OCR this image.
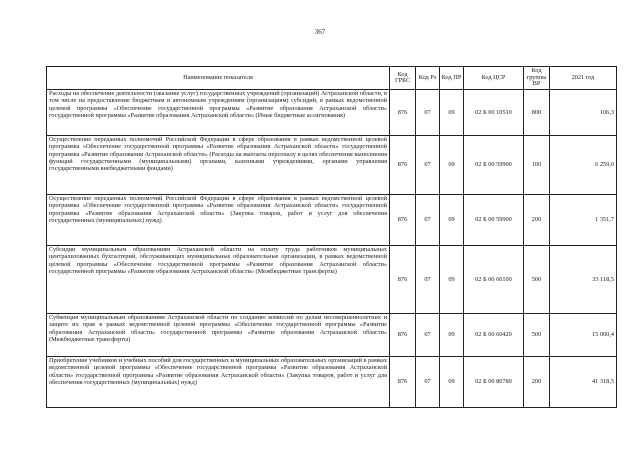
367
Наименование показателя	Код ГРБС	Код Рз	Код ПР	Код ЦСР	Код группы ВР	2021 год
Расходы на обеспечение деятельности (оказание услуг) государственных учреждений (организаций) Астраханской области, в том числе на предоставление бюджетным и автономным учреждениям (организациям) субсидий, в рамках ведомственной целевой программы «Обеспечение государственной программы «Развитие образования Астраханской области» государственной программы «Развитие образования Астраханской области» (Иные бюджетные ассигнования)	876	07	09	02 Б 00 10510	800	106,3
Осуществление переданных полномочий Российской Федерации в сфере образования в рамках ведомственной целевой программы «Обеспечение государственной программы «Развитие образования Астраханской области» государственной программы «Развитие образования Астраханской области» (Расходы на выплаты персоналу в целях обеспечения выполнения функций государственными (муниципальными) органами, казенными учреждениями, органами управления государственными внебюджетными фондами)	876	07	09	02 Б 00 59900	100	6 259,0
Осуществление переданных полномочий Российской Федерации в сфере образования в рамках ведомственной целевой программы «Обеспечение государственной программы «Развитие образования Астраханской области» государственной программы «Развитие образования Астраханской области» (Закупка товаров, работ и услуг для обеспечения государственных (муниципальных) нужд)	876	07	09	02 Б 00 59900	200	1 351,7
Субсидии муниципальным образованиям Астраханской области на оплату труда работников муниципальных централизованных бухгалтерий, обслуживающих муниципальные образовательные организации, в рамках ведомственной целевой программы «Обеспечение государственной программы «Развитие образования Астраханской области» государственной программы «Развитие образования Астраханской области» (Межбюджетные трансферты)	876	07	09	02 Б 00 60100	500	33 118,5
Субвенция муниципальным образованиям Астраханской области по созданию комиссий по делам несовершеннолетних и защите их прав в рамках ведомственной целевой программы «Обеспечение государственной программы «Развитие образования Астраханской области» государственной программы «Развитие образования Астраханской области» (Межбюджетные трансферты)	876	07	09	02 Б 00 60420	500	15 000,4
Приобретение учебников и учебных пособий для государственных и муниципальных образовательных организаций в рамках ведомственной целевой программы «Обеспечение государственной программы «Развитие образования Астраханской области» государственной программы «Развитие образования Астраханской области» (Закупка товаров, работ и услуг для обеспечения государственных (муниципальных) нужд)	876	07	09	02 Б 00 80780	200	41 318,5
